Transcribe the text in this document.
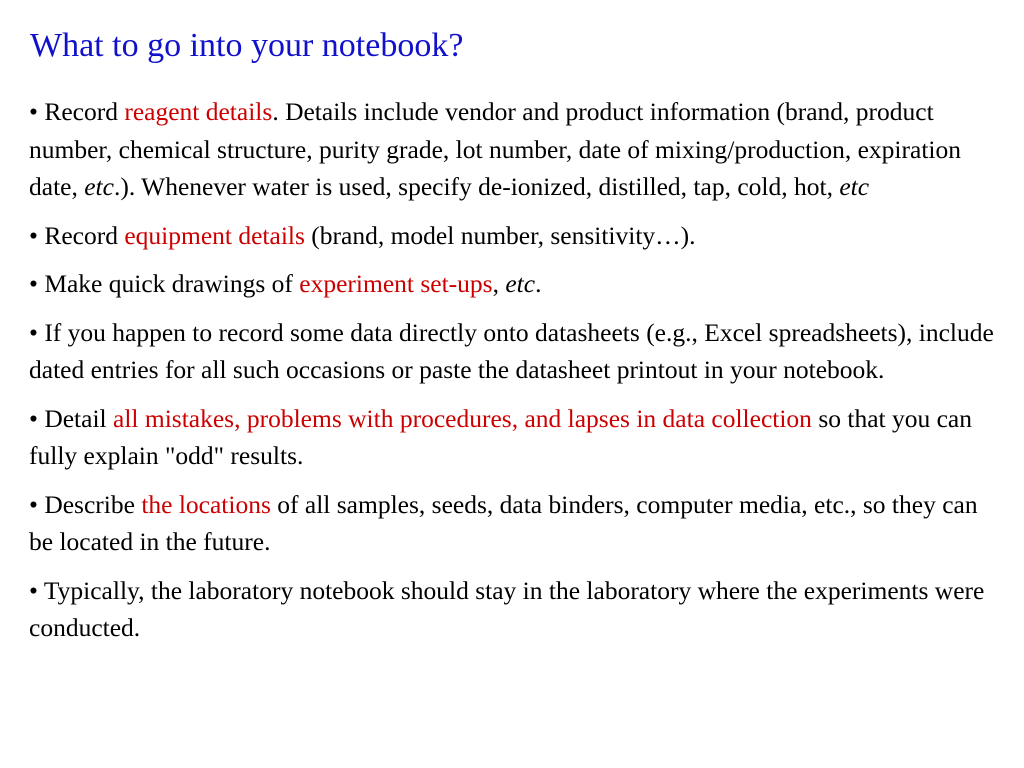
What to go into your notebook?
• Record reagent details. Details include vendor and product information (brand, product number, chemical structure, purity grade, lot number, date of mixing/production, expiration date, etc.). Whenever water is used, specify de-ionized, distilled, tap, cold, hot, etc
• Record equipment details (brand, model number, sensitivity…).
• Make quick drawings of experiment set-ups, etc.
• If you happen to record some data directly onto datasheets (e.g., Excel spreadsheets), include dated entries for all such occasions or paste the datasheet printout in your notebook.
• Detail all mistakes, problems with procedures, and lapses in data collection so that you can fully explain "odd" results.
• Describe the locations of all samples, seeds, data binders, computer media, etc., so they can be located in the future.
• Typically, the laboratory notebook should stay in the laboratory where the experiments were conducted.
